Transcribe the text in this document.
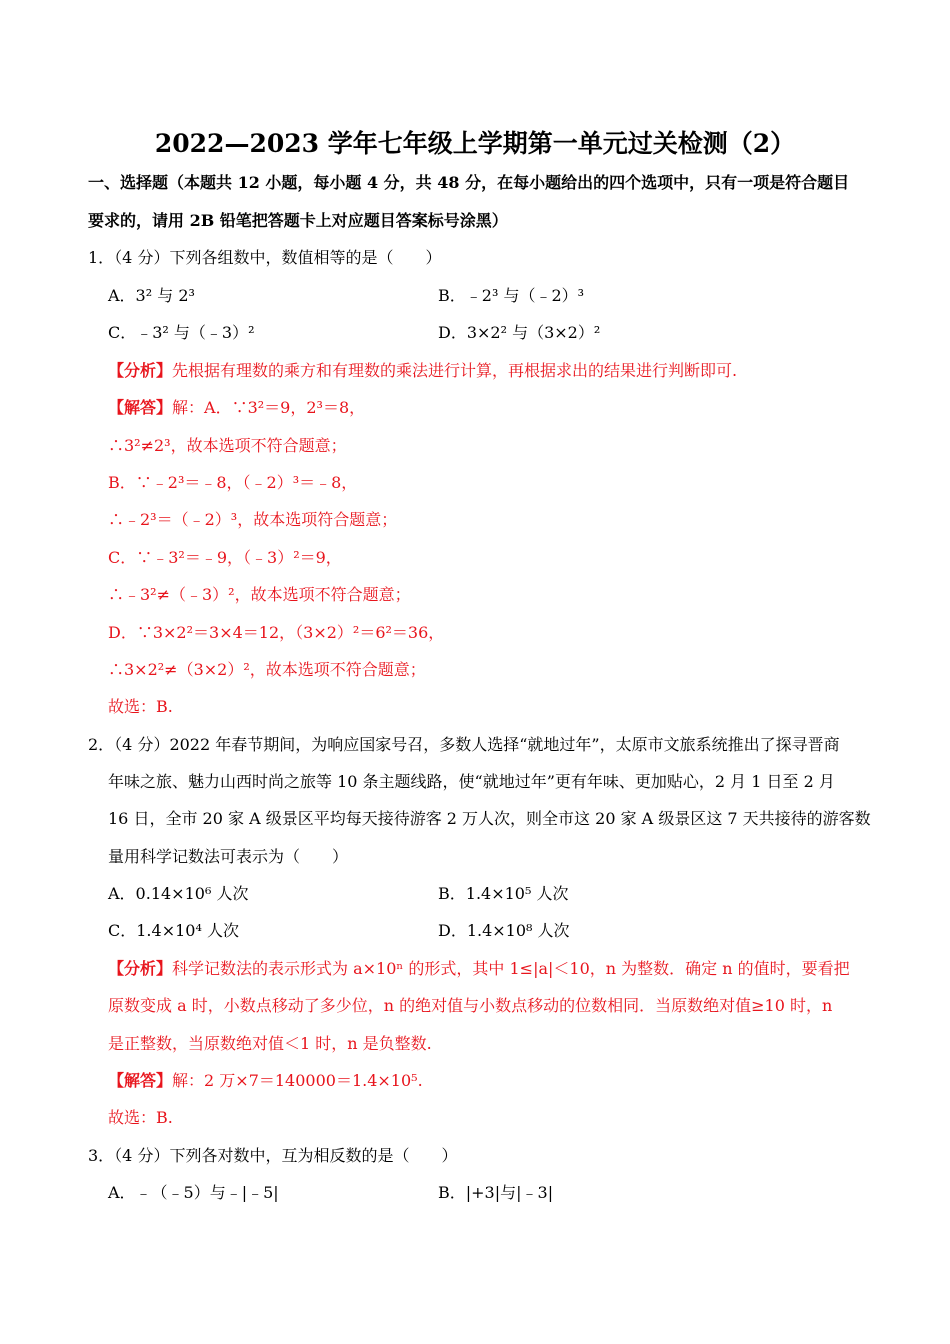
2022—2023 学年七年级上学期第一单元过关检测（2）
一、选择题（本题共 12 小题，每小题 4 分，共 48 分，在每小题给出的四个选项中，只有一项是符合题目
要求的，请用 2B 铅笔把答题卡上对应题目答案标号涂黑）
1．（4 分）下列各组数中，数值相等的是（　　）
A．3² 与 2³	B．﹣2³ 与（﹣2）³
C．﹣3² 与（﹣3）²	D．3×2² 与（3×2）²
【分析】先根据有理数的乘方和有理数的乘法进行计算，再根据求出的结果进行判断即可.
【解答】解：A．∵3²＝9，2³＝8，
∴3²≠2³，故本选项不符合题意；
B．∵﹣2³＝﹣8，（﹣2）³＝﹣8，
∴﹣2³＝（﹣2）³，故本选项符合题意；
C．∵﹣3²＝﹣9，（﹣3）²＝9，
∴﹣3²≠（﹣3）²，故本选项不符合题意；
D．∵3×2²＝3×4＝12，（3×2）²＝6²＝36，
∴3×2²≠（3×2）²，故本选项不符合题意；
故选：B.
2．（4 分）2022 年春节期间，为响应国家号召，多数人选择“就地过年”，太原市文旅系统推出了探寻晋商
年味之旅、魅力山西时尚之旅等 10 条主题线路，使“就地过年”更有年味、更加贴心，2 月 1 日至 2 月
16 日，全市 20 家 A 级景区平均每天接待游客 2 万人次，则全市这 20 家 A 级景区这 7 天共接待的游客数
量用科学记数法可表示为（　　）
A．0.14×10⁶ 人次	B．1.4×10⁵ 人次
C．1.4×10⁴ 人次	D．1.4×10⁸ 人次
【分析】科学记数法的表示形式为 a×10ⁿ 的形式，其中 1≤|a|＜10，n 为整数．确定 n 的值时，要看把
原数变成 a 时，小数点移动了多少位，n 的绝对值与小数点移动的位数相同．当原数绝对值≥10 时，n
是正整数，当原数绝对值＜1 时，n 是负整数.
【解答】解：2 万×7＝140000＝1.4×10⁵.
故选：B.
3．（4 分）下列各对数中，互为相反数的是（　　）
A．﹣（﹣5）与﹣|﹣5|	B．|+3|与|﹣3|
